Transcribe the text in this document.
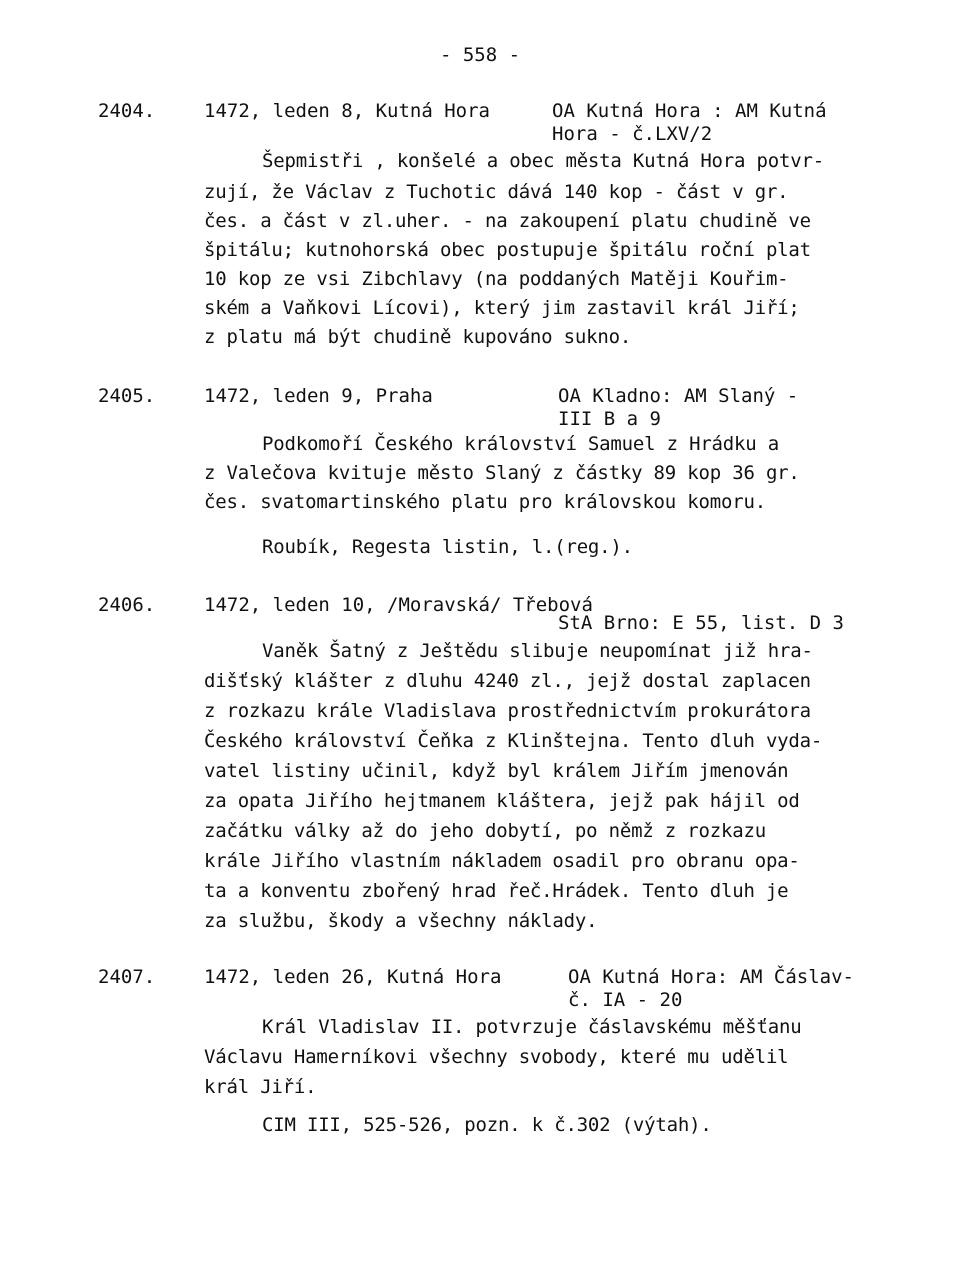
- 558 -
2404.	1472, leden 8, Kutná Hora	OA Kutná Hora : AM Kutná
Hora - č.LXV/2
Šepmistři , konšelé a obec města Kutná Hora potvr-
zují, že Václav z Tuchotic dává 140 kop - část v gr.
čes. a část v zl.uher. - na zakoupení platu chudině ve
špitálu; kutnohorská obec postupuje špitálu roční plat
10 kop ze vsi Zibchlavy (na poddaných Matěji Kouřim-
ském a Vaňkovi Lícovi), který jim zastavil král Jiří;
z platu má být chudině kupováno sukno.
2405.	1472, leden 9, Praha	OA Kladno: AM Slaný -
III B a 9
Podkomoří Českého království Samuel z Hrádku a
z Valečova kvituje město Slaný z částky 89 kop 36 gr.
čes. svatomartinského platu pro královskou komoru.
Roubík, Regesta listin, l.(reg.).
2406.	1472, leden 10, /Moravská/ Třebová
StA Brno: E 55, list. D 3
Vaněk Šatný z Ještědu slibuje neupomínat již hra-
dišťský klášter z dluhu 4240 zl., jejž dostal zaplacen
z rozkazu krále Vladislava prostřednictvím prokurátora
Českého království Čeňka z Klinštejna. Tento dluh vyda-
vatel listiny učinil, když byl králem Jiřím jmenován
za opata Jiřího hejtmanem kláštera, jejž pak hájil od
začátku války až do jeho dobytí, po němž z rozkazu
krále Jiřího vlastním nákladem osadil pro obranu opa-
ta a konventu zbořený hrad řeč.Hrádek. Tento dluh je
za službu, škody a všechny náklady.
2407.	1472, leden 26, Kutná Hora	OA Kutná Hora: AM Čáslav-
č. IA - 20
Král Vladislav II. potvrzuje čáslavskému měšťanu
Václavu Hamerníkovi všechny svobody, které mu udělil
král Jiří.
CIM III, 525-526, pozn. k č.302 (výtah).
